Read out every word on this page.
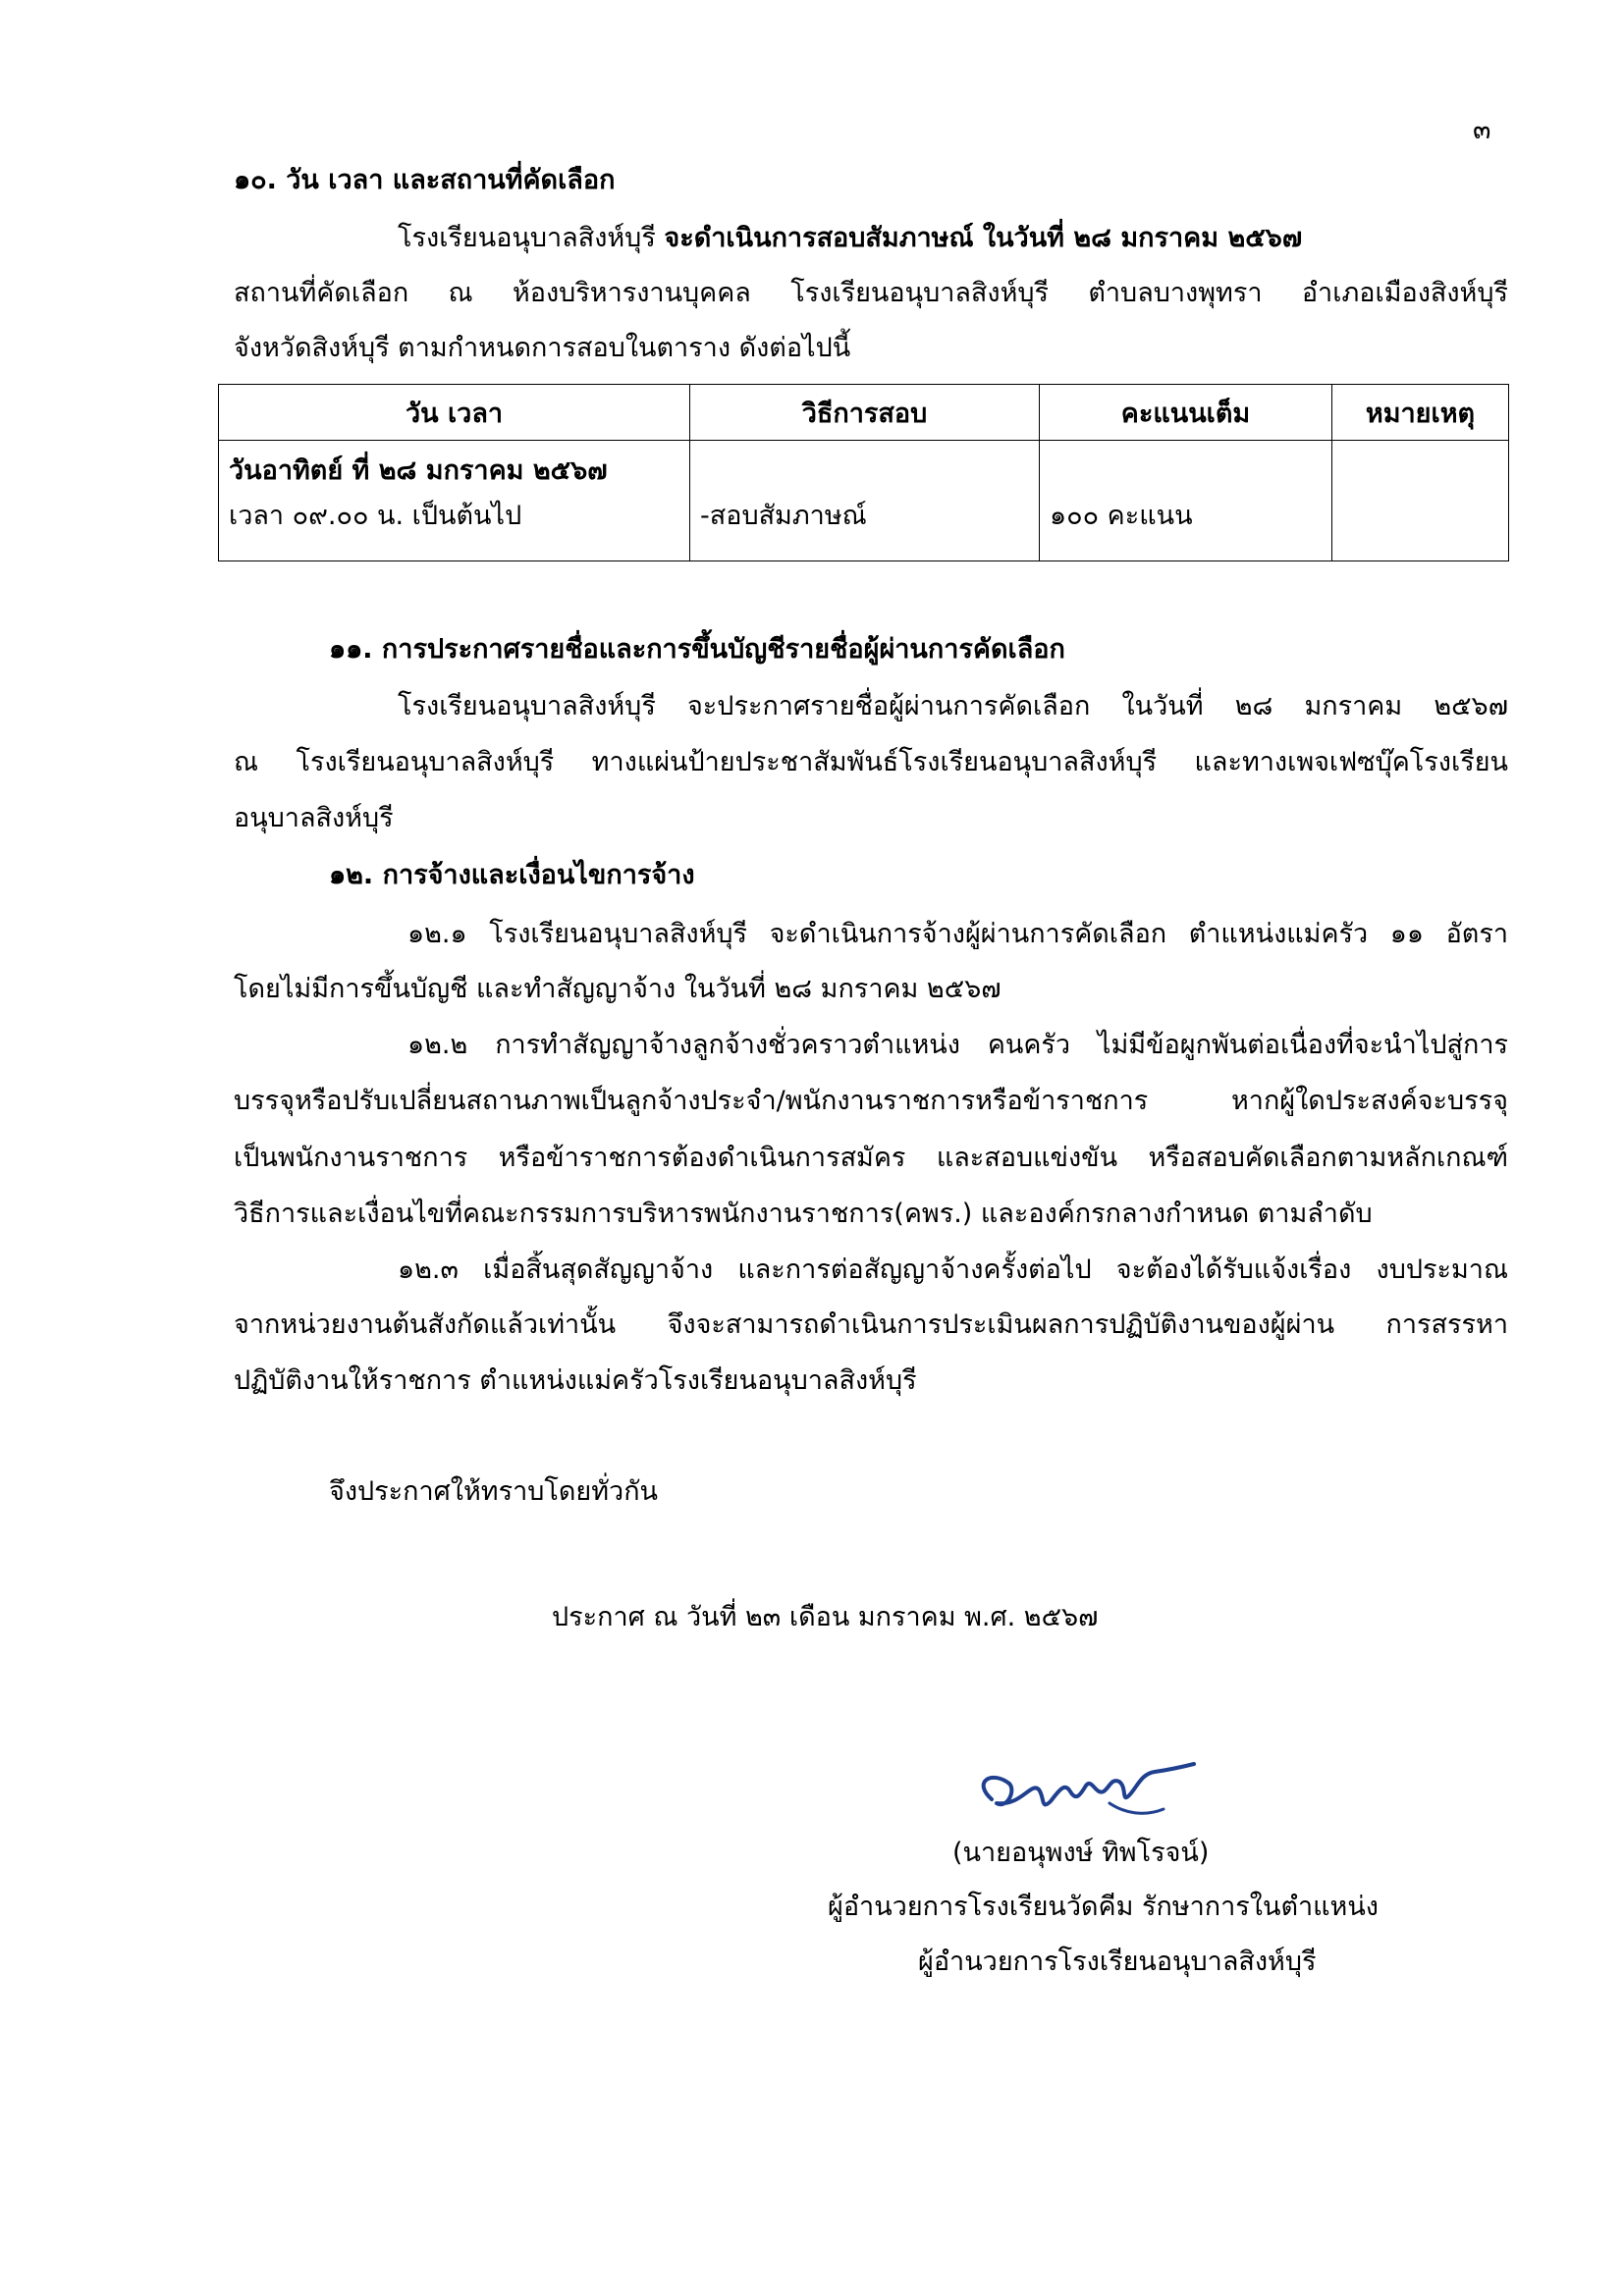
๓
๑๐. วัน เวลา และสถานที่คัดเลือก
โรงเรียนอนุบาลสิงห์บุรี จะดำเนินการสอบสัมภาษณ์ ในวันที่ ๒๘ มกราคม ๒๕๖๗
สถานที่คัดเลือก ณ ห้องบริหารงานบุคคล โรงเรียนอนุบาลสิงห์บุรี ตำบลบางพุทรา อำเภอเมืองสิงห์บุรี
จังหวัดสิงห์บุรี ตามกำหนดการสอบในตาราง ดังต่อไปนี้
วัน เวลา	วิธีการสอบ	คะแนนเต็ม	หมายเหตุ

วันอาทิตย์ ที่ ๒๘ มกราคม ๒๕๖๗
เวลา ๐๙.๐๐ น. เป็นต้นไป	-สอบสัมภาษณ์	๑๐๐ คะแนน	

๑๑. การประกาศรายชื่อและการขึ้นบัญชีรายชื่อผู้ผ่านการคัดเลือก
โรงเรียนอนุบาลสิงห์บุรี จะประกาศรายชื่อผู้ผ่านการคัดเลือก ในวันที่ ๒๘ มกราคม ๒๕๖๗
ณ โรงเรียนอนุบาลสิงห์บุรี ทางแผ่นป้ายประชาสัมพันธ์โรงเรียนอนุบาลสิงห์บุรี และทางเพจเฟซบุ๊คโรงเรียน
อนุบาลสิงห์บุรี
๑๒. การจ้างและเงื่อนไขการจ้าง
๑๒.๑ โรงเรียนอนุบาลสิงห์บุรี จะดำเนินการจ้างผู้ผ่านการคัดเลือก ตำแหน่งแม่ครัว ๑๑ อัตรา
โดยไม่มีการขึ้นบัญชี และทำสัญญาจ้าง ในวันที่ ๒๘ มกราคม ๒๕๖๗
๑๒.๒ การทำสัญญาจ้างลูกจ้างชั่วคราวตำแหน่ง คนครัว ไม่มีข้อผูกพันต่อเนื่องที่จะนำไปสู่การ
บรรจุหรือปรับเปลี่ยนสถานภาพเป็นลูกจ้างประจำ/พนักงานราชการหรือข้าราชการ หากผู้ใดประสงค์จะบรรจุ
เป็นพนักงานราชการ หรือข้าราชการต้องดำเนินการสมัคร และสอบแข่งขัน หรือสอบคัดเลือกตามหลักเกณฑ์
วิธีการและเงื่อนไขที่คณะกรรมการบริหารพนักงานราชการ(คพร.) และองค์กรกลางกำหนด ตามลำดับ
๑๒.๓ เมื่อสิ้นสุดสัญญาจ้าง และการต่อสัญญาจ้างครั้งต่อไป จะต้องได้รับแจ้งเรื่อง งบประมาณ
จากหน่วยงานต้นสังกัดแล้วเท่านั้น จึงจะสามารถดำเนินการประเมินผลการปฏิบัติงานของผู้ผ่าน การสรรหา
ปฏิบัติงานให้ราชการ ตำแหน่งแม่ครัวโรงเรียนอนุบาลสิงห์บุรี
จึงประกาศให้ทราบโดยทั่วกัน
ประกาศ ณ วันที่ ๒๓ เดือน มกราคม พ.ศ. ๒๕๖๗
(นายอนุพงษ์ ทิพโรจน์)
ผู้อำนวยการโรงเรียนวัดคีม รักษาการในตำแหน่ง
ผู้อำนวยการโรงเรียนอนุบาลสิงห์บุรี
